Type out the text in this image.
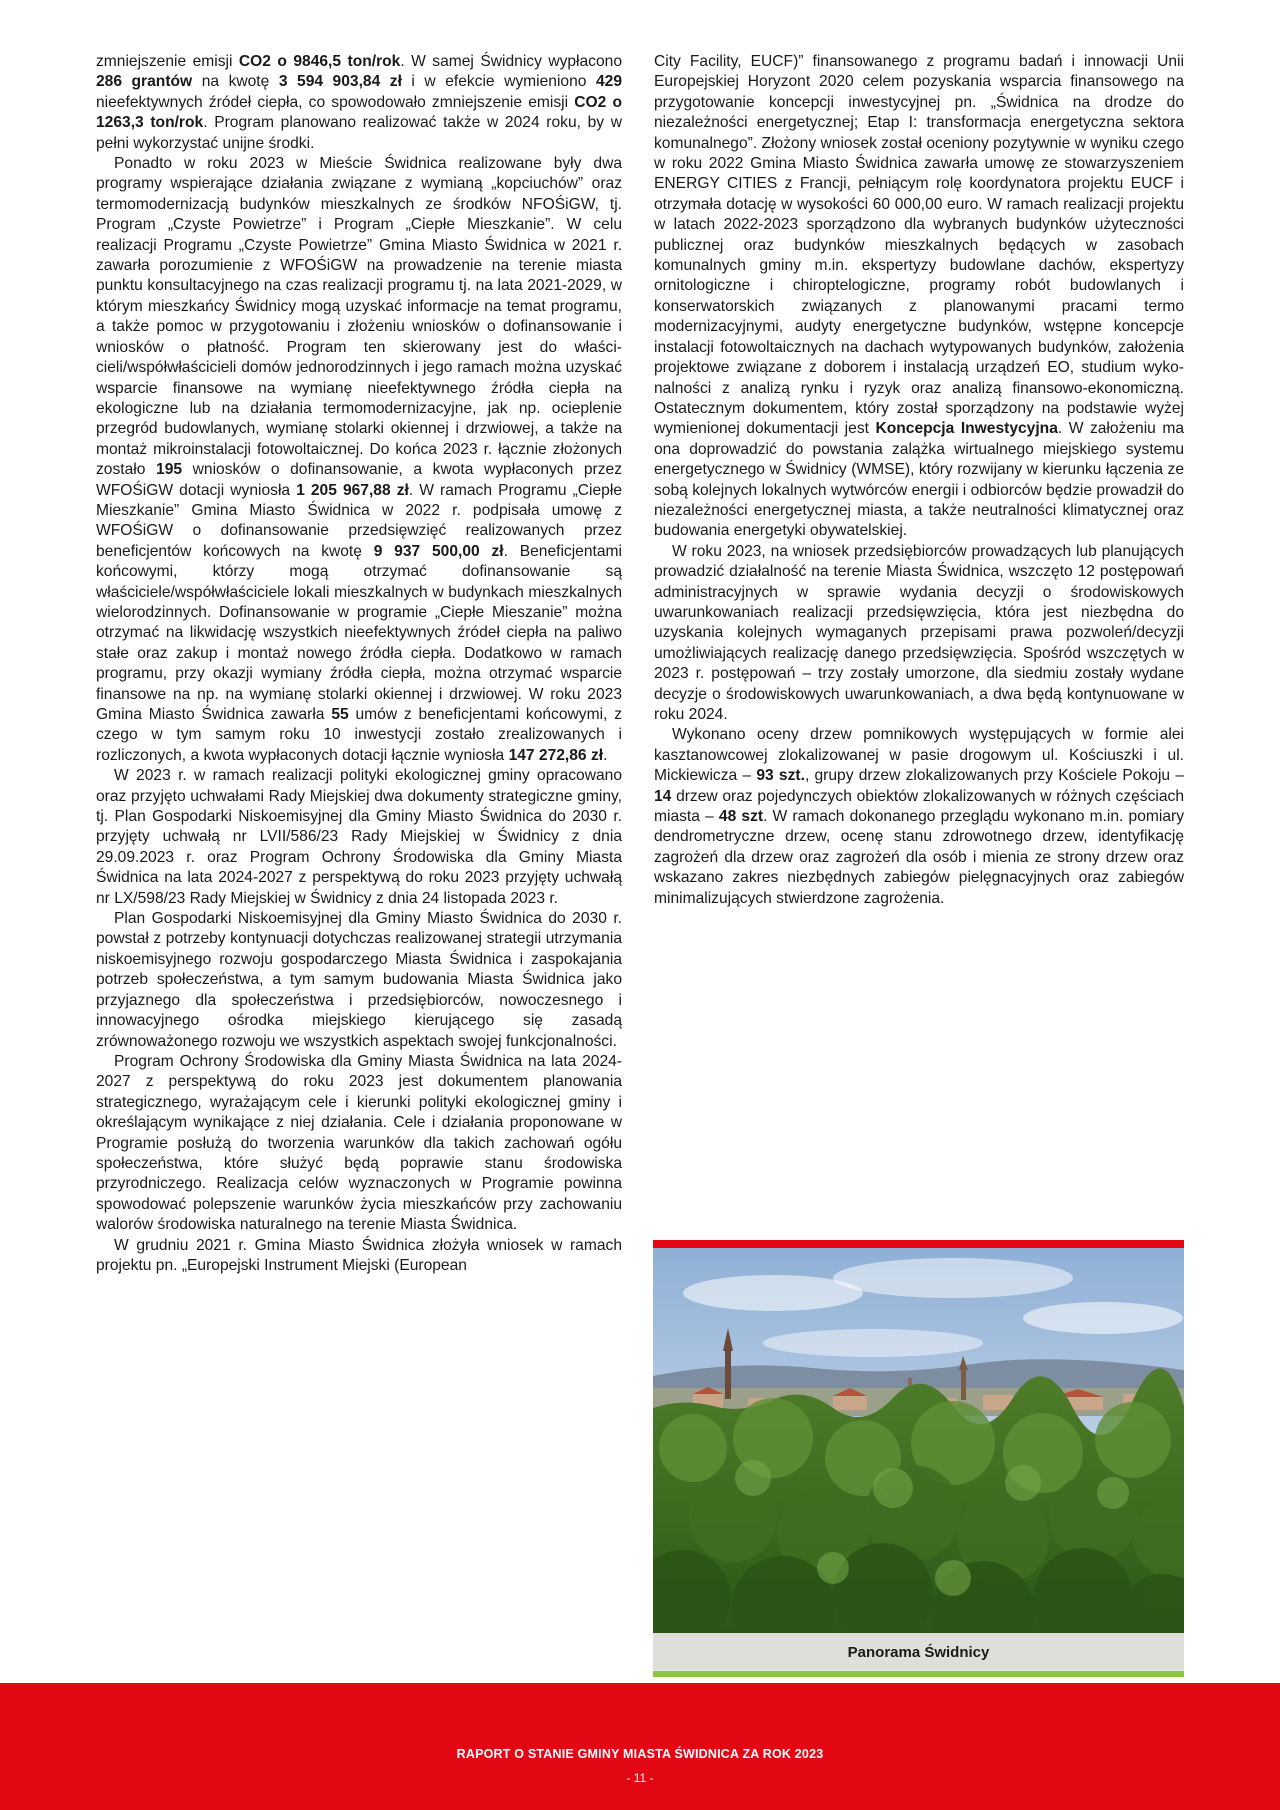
zmniejszenie emisji CO2 o 9846,5 ton/rok. W samej Świdnicy wypłacono 286 grantów na kwotę 3 594 903,84 zł i w efekcie wymieniono 429 nieefektywnych źródeł ciepła, co spowodowało zmniejszenie emisji CO2 o 1263,3 ton/rok. Program planowano realizować także w 2024 roku, by w pełni wykorzystać unijne środki.

Ponadto w roku 2023 w Mieście Świdnica realizowane były dwa programy wspierające działania związane z wymianą „kopciuchów” oraz termomodernizacją budynków mieszkalnych ze środków NFOŚiGW, tj. Program „Czyste Powietrze” i Program „Ciepłe Mieszkanie”. W celu realizacji Programu „Czyste Powietrze” Gmina Miasto Świdnica w 2021 r. zawarła porozumienie z WFOŚiGW na prowadzenie na terenie miasta punktu konsultacyjnego na czas realizacji programu tj. na lata 2021-2029, w którym mieszkańcy Świdnicy mogą uzyskać informacje na temat programu, a także pomoc w przygotowaniu i złożeniu wniosków o dofinansowanie i wniosków o płatność. Program ten skierowany jest do właścicieli/współwłaścicieli domów jednorodzinnych i jego ramach można uzyskać wsparcie finansowe na wymianę nieefektywnego źródła ciepła na ekologiczne lub na działania termomodernizacyjne, jak np. ocieplenie przegród budowlanych, wymianę stolarki okiennej i drzwiowej, a także na montaż mikroinstalacji fotowoltaicznej. Do końca 2023 r. łącznie złożonych zostało 195 wniosków o dofinansowanie, a kwota wypłaconych przez WFOŚiGW dotacji wyniosła 1 205 967,88 zł. W ramach Programu „Ciepłe Mieszkanie” Gmina Miasto Świdnica w 2022 r. podpisała umowę z WFOŚiGW o dofinansowanie przedsięwzięć realizowanych przez beneficjentów końcowych na kwotę 9 937 500,00 zł. Beneficjentami końcowymi, którzy mogą otrzymać dofinansowanie są właściciele/współwłaściciele lokali mieszkalnych w budynkach mieszkalnych wielorodzinnych. Dofinansowanie w programie „Ciepłe Mieszanie” można otrzymać na likwidację wszystkich nieefektywnych źródeł ciepła na paliwo stałe oraz zakup i montaż nowego źródła ciepła. Dodatkowo w ramach programu, przy okazji wymiany źródła ciepła, można otrzymać wsparcie finansowe na np. na wymianę stolarki okiennej i drzwiowej. W roku 2023 Gmina Miasto Świdnica zawarła 55 umów z beneficjentami końcowymi, z czego w tym samym roku 10 inwestycji zostało zrealizowanych i rozliczonych, a kwota wypłaconych dotacji łącznie wyniosła 147 272,86 zł.

W 2023 r. w ramach realizacji polityki ekologicznej gminy opracowano oraz przyjęto uchwałami Rady Miejskiej dwa dokumenty strategiczne gminy, tj. Plan Gospodarki Niskoemisyjnej dla Gminy Miasto Świdnica do 2030 r. przyjęty uchwałą nr LVII/586/23 Rady Miejskiej w Świdnicy z dnia 29.09.2023 r. oraz Program Ochrony Środowiska dla Gminy Miasta Świdnica na lata 2024-2027 z perspektywą do roku 2023 przyjęty uchwałą nr LX/598/23 Rady Miejskiej w Świdnicy z dnia 24 listopada 2023 r.

Plan Gospodarki Niskoemisyjnej dla Gminy Miasto Świdnica do 2030 r. powstał z potrzeby kontynuacji dotychczas realizowanej strategii utrzymania niskoemisyjnego rozwoju gospodarczego Miasta Świdnica i zaspokajania potrzeb społeczeństwa, a tym samym budowania Miasta Świdnica jako przyjaznego dla społeczeństwa i przedsiębiorców, nowoczesnego i innowacyjnego ośrodka miejskiego kierującego się zasadą zrównoważonego rozwoju we wszystkich aspektach swojej funkcjonalności.

Program Ochrony Środowiska dla Gminy Miasta Świdnica na lata 2024-2027 z perspektywą do roku 2023 jest dokumentem planowania strategicznego, wyrażającym cele i kierunki polityki ekologicznej gminy i określającym wynikające z niej działania. Cele i działania proponowane w Programie posłużą do tworzenia warunków dla takich zachowań ogółu społeczeństwa, które służyć będą poprawie stanu środowiska przyrodniczego. Realizacja celów wyznaczonych w Programie powinna spowodować polepszenie warunków życia mieszkańców przy zachowaniu walorów środowiska naturalnego na terenie Miasta Świdnica.

W grudniu 2021 r. Gmina Miasto Świdnica złożyła wniosek w ramach projektu pn. „Europejski Instrument Miejski (European

City Facility, EUCF)” finansowanego z programu badań i innowacji Unii Europejskiej Horyzont 2020 celem pozyskania wsparcia finansowego na przygotowanie koncepcji inwestycyjnej pn. „Świdnica na drodze do niezależności energetycznej; Etap I: transformacja energetyczna sektora komunalnego”. Złożony wniosek został oceniony pozytywnie w wyniku czego w roku 2022 Gmina Miasto Świdnica zawarła umowę ze stowarzyszeniem ENERGY CITIES z Francji, pełniącym rolę koordynatora projektu EUCF i otrzymała dotację w wysokości 60 000,00 euro. W ramach realizacji projektu w latach 2022-2023 sporządzono dla wybranych budynków użyteczności publicznej oraz budynków mieszkalnych będących w zasobach komunalnych gminy m.in. ekspertyzy budowlane dachów, ekspertyzy ornitologiczne i chiroptelogiczne, programy robót budowlanych i konserwatorskich związanych z planowanymi pracami termo modernizacyjnymi, audyty energetyczne budynków, wstępne koncepcje instalacji fotowoltaicznych na dachach wytypowanych budynków, założenia projektowe związane z doborem i instalacją urządzeń EO, studium wykonalności z analizą rynku i ryzyk oraz analizą finansowo-ekonomiczną. Ostatecznym dokumentem, który został sporządzony na podstawie wyżej wymienionej dokumentacji jest Koncepcja Inwestycyjna. W założeniu ma ona doprowadzić do powstania zalążka wirtualnego miejskiego systemu energetycznego w Świdnicy (WMSE), który rozwijany w kierunku łączenia ze sobą kolejnych lokalnych wytwórców energii i odbiorców będzie prowadził do niezależności energetycznej miasta, a także neutralności klimatycznej oraz budowania energetyki obywatelskiej.

W roku 2023, na wniosek przedsiębiorców prowadzących lub planujących prowadzić działalność na terenie Miasta Świdnica, wszczęto 12 postępowań administracyjnych w sprawie wydania decyzji o środowiskowych uwarunkowaniach realizacji przedsięwzięcia, która jest niezbędna do uzyskania kolejnych wymaganych przepisami prawa pozwoleń/decyzji umożliwiających realizację danego przedsięwzięcia. Spośród wszczętych w 2023 r. postępowań – trzy zostały umorzone, dla siedmiu zostały wydane decyzje o środowiskowych uwarunkowaniach, a dwa będą kontynuowane w roku 2024.

Wykonano oceny drzew pomnikowych występujących w formie alei kasztanowcowej zlokalizowanej w pasie drogowym ul. Kościuszki i ul. Mickiewicza – 93 szt., grupy drzew zlokalizowanych przy Kościele Pokoju – 14 drzew oraz pojedynczych obiektów zlokalizowanych w różnych częściach miasta – 48 szt. W ramach dokonanego przeglądu wykonano m.in. pomiary dendrometryczne drzew, ocenę stanu zdrowotnego drzew, identyfikację zagrożeń dla drzew oraz zagrożeń dla osób i mienia ze strony drzew oraz wskazano zakres niezbędnych zabiegów pielęgnacyjnych oraz zabiegów minimalizujących stwierdzone zagrożenia.

Panorama Świdnicy
RAPORT O STANIE GMINY MIASTA ŚWIDNICA ZA ROK 2023
- 11 -
